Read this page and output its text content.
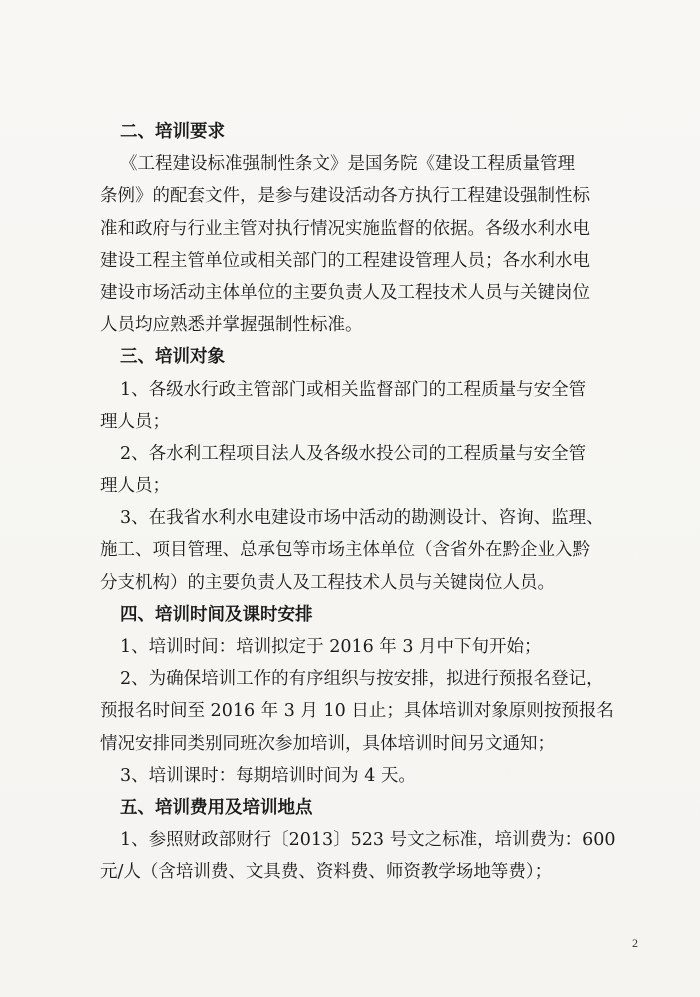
二、培训要求
《工程建设标准强制性条文》是国务院《建设工程质量管理
条例》的配套文件，是参与建设活动各方执行工程建设强制性标
准和政府与行业主管对执行情况实施监督的依据。各级水利水电
建设工程主管单位或相关部门的工程建设管理人员；各水利水电
建设市场活动主体单位的主要负责人及工程技术人员与关键岗位
人员均应熟悉并掌握强制性标准。
三、培训对象
1、各级水行政主管部门或相关监督部门的工程质量与安全管
理人员；
2、各水利工程项目法人及各级水投公司的工程质量与安全管
理人员；
3、在我省水利水电建设市场中活动的勘测设计、咨询、监理、
施工、项目管理、总承包等市场主体单位（含省外在黔企业入黔
分支机构）的主要负责人及工程技术人员与关键岗位人员。
四、培训时间及课时安排
1、培训时间：培训拟定于 2016 年 3 月中下旬开始；
2、为确保培训工作的有序组织与按安排，拟进行预报名登记，
预报名时间至 2016 年 3 月 10 日止；具体培训对象原则按预报名
情况安排同类别同班次参加培训，具体培训时间另文通知；
3、培训课时：每期培训时间为 4 天。
五、培训费用及培训地点
1、参照财政部财行〔2013〕523 号文之标准，培训费为：600
元/人（含培训费、文具费、资料费、师资教学场地等费）；
2
